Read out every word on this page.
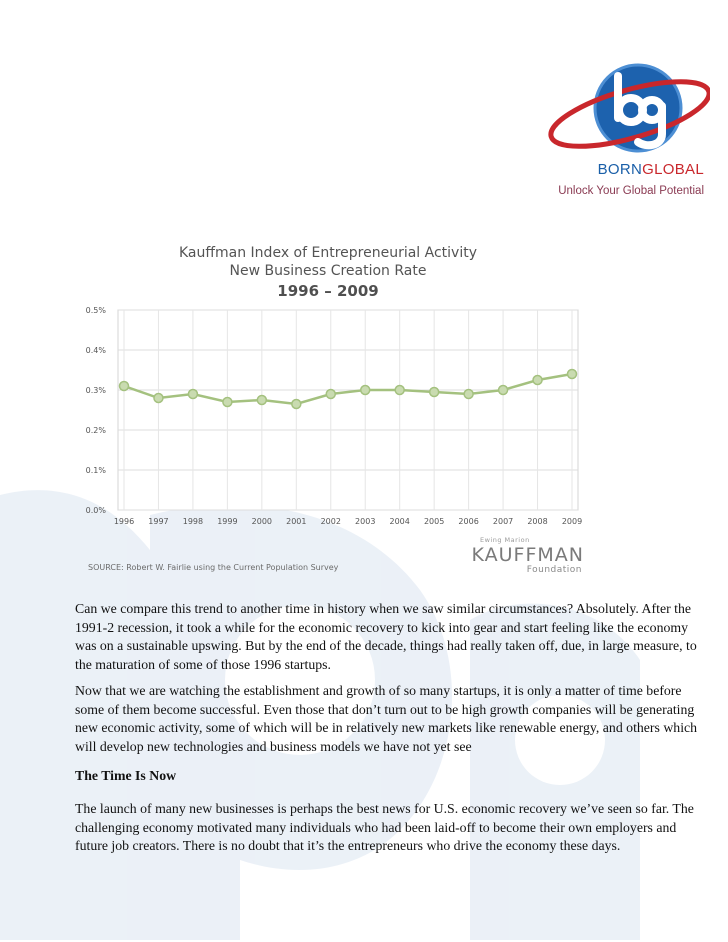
BORNGLOBAL
Unlock Your Global Potential
Kauffman Index of Entrepreneurial Activity
New Business Creation Rate
1996 – 2009
0.0%
0.1%
0.2%
0.3%
0.4%
0.5%
1996 1997 1998 1999 2000 2001 2002 2003 2004 2005 2006 2007 2008 2009
SOURCE: Robert W. Fairlie using the Current Population Survey
Ewing Marion
KAUFFMAN
Foundation

Can we compare this trend to another time in history when we saw similar circumstances? Absolutely. After the 1991-2 recession, it took a while for the economic recovery to kick into gear and start feeling like the economy was on a sustainable upswing. But by the end of the decade, things had really taken off, due, in large measure, to the maturation of some of those 1996 startups.

Now that we are watching the establishment and growth of so many startups, it is only a matter of time before some of them become successful. Even those that don’t turn out to be high growth companies will be generating new economic activity, some of which will be in relatively new markets like renewable energy, and others which will develop new technologies and business models we have not yet see

The Time Is Now

The launch of many new businesses is perhaps the best news for U.S. economic recovery we’ve seen so far. The challenging economy motivated many individuals who had been laid-off to become their own employers and future job creators. There is no doubt that it’s the entrepreneurs who drive the economy these days.
